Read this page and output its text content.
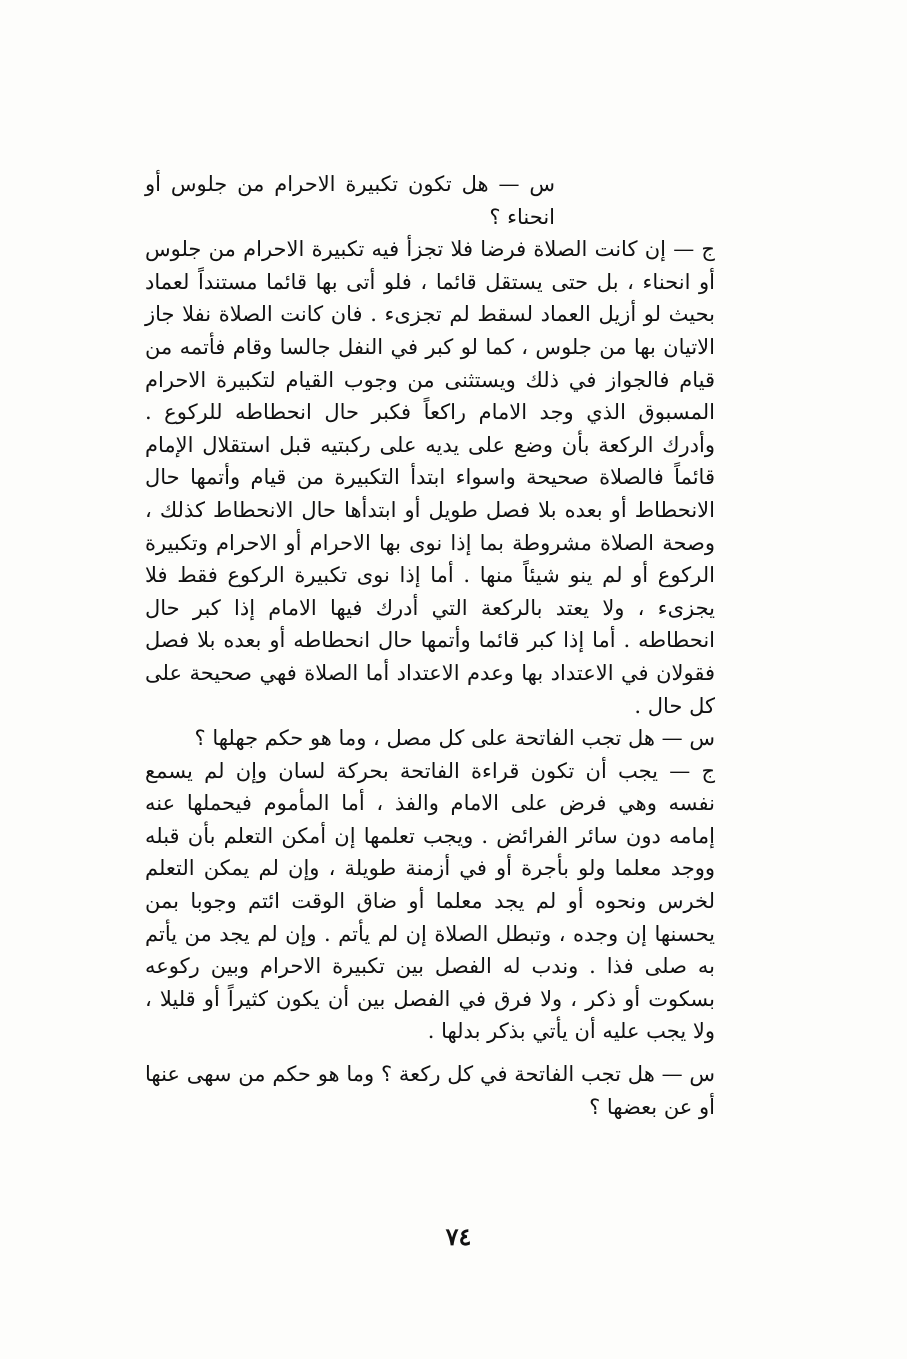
س — هل تكون تكبيرة الاحرام من جلوس أو انحناء ؟

ج — إن كانت الصلاة فرضا فلا تجزأ فيه تكبيرة الاحرام من جلوس أو انحناء ، بل حتى يستقل قائما ، فلو أتى بها قائما مستنداً لعماد بحيث لو أزيل العماد لسقط لم تجزىء . فان كانت الصلاة نفلا جاز الاتيان بها من جلوس ، كما لو كبر في النفل جالسا وقام فأتمه من قيام فالجواز في ذلك ويستثنى من وجوب القيام لتكبيرة الاحرام المسبوق الذي وجد الامام راكعاً فكبر حال انحطاطه للركوع . وأدرك الركعة بأن وضع على يديه على ركبتيه قبل استقلال الإمام قائماً فالصلاة صحيحة واسواء ابتدأ التكبيرة من قيام وأتمها حال الانحطاط أو بعده بلا فصل طويل أو ابتدأها حال الانحطاط كذلك ، وصحة الصلاة مشروطة بما إذا نوى بها الاحرام أو الاحرام وتكبيرة الركوع أو لم ينو شيئاً منها . أما إذا نوى تكبيرة الركوع فقط فلا يجزىء ، ولا يعتد بالركعة التي أدرك فيها الامام إذا كبر حال انحطاطه . أما إذا كبر قائما وأتمها حال انحطاطه أو بعده بلا فصل فقولان في الاعتداد بها وعدم الاعتداد أما الصلاة فهي صحيحة على كل حال .

س — هل تجب الفاتحة على كل مصل ، وما هو حكم جهلها ؟

ج — يجب أن تكون قراءة الفاتحة بحركة لسان وإن لم يسمع نفسه وهي فرض على الامام والفذ ، أما المأموم فيحملها عنه إمامه دون سائر الفرائض . ويجب تعلمها إن أمكن التعلم بأن قبله ووجد معلما ولو بأجرة أو في أزمنة طويلة ، وإن لم يمكن التعلم لخرس ونحوه أو لم يجد معلما أو ضاق الوقت ائتم وجوبا بمن يحسنها إن وجده ، وتبطل الصلاة إن لم يأتم . وإن لم يجد من يأتم به صلى فذا . وندب له الفصل بين تكبيرة الاحرام وبين ركوعه بسكوت أو ذكر ، ولا فرق في الفصل بين أن يكون كثيراً أو قليلا ، ولا يجب عليه أن يأتي بذكر بدلها .

س — هل تجب الفاتحة في كل ركعة ؟ وما هو حكم من سهى عنها أو عن بعضها ؟

٧٤
